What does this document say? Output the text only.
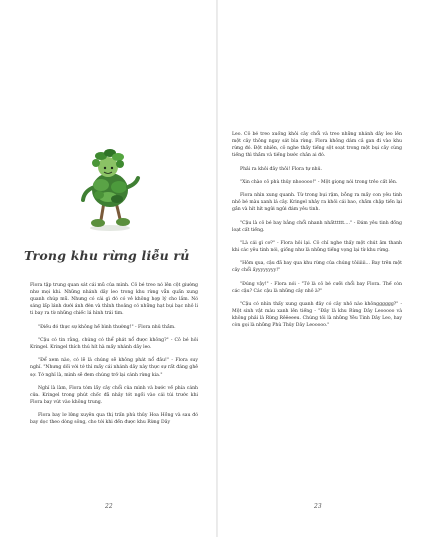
Trong khu rừng liễu rủ

Flora tập trung quan sát cái mũ của mình. Cô bé treo nó lên cột giường như mọi khi. Những nhánh dây leo trong khu rừng vẫn quấn xung quanh chúp mũ. Nhưng có cái gì đó có vẻ không hợp lý cho lắm. Nó sáng lấp lánh dưới ánh đèn và thỉnh thoảng có những hạt bụi bạc nhỏ li ti bay ra từ những chiếc lá hình trái tim.

"Điều đó thực sự không hề bình thường!" - Flora nhủ thầm.

"Cậu có tin rằng, chúng có thể phát nổ được không?" - Cô bé hỏi Kringel. Kringel thích thú hít hà mấy nhánh dây leo.

"Để xem nào, có lẽ là chúng sẽ không phát nổ đâu!" - Flora suy nghĩ. "Nhưng dối với tớ thì mấy cái nhánh dây này thực sự rất đáng ghê sợ. Tớ nghĩ là, mình sẽ đem chúng trở lại cánh rừng kia."

Nghĩ là làm, Flora tóm lấy cây chổi của mình và bước về phía cánh cửa. Kringel trong phút chốc đã nhảy tót ngồi vào cái túi trước khi Flora bay vút vào không trung.

Flora bay lơ lửng xuyên qua thị trấn phù thủy Hoa Hồng và sau đó bay dọc theo dòng sông, cho tới khi đến được khu Rừng Dây

22

Leo. Cô bé treo xuống khỏi cây chổi và treo những nhánh dây leo lên một cây thông ngay sát bìa rừng. Flora không dám cả gan đi vào khu rừng đó. Đột nhiên, cô nghe thấy tiếng sột soạt trong một bụi cây cùng tiếng thì thầm và tiếng bước chân ai đó.

Phải ra khỏi đây thôi! Flora tự nhủ.

"Xin chào cô phù thủy nhooooo!" - Một giọng nói trong trẻo cất lên.

Flora nhìn xung quanh. Từ trong bụi rậm, bỗng ra mấy con yêu tinh nhỏ bé màu xanh lá cây. Kringel nhảy ra khỏi cái bao, chầm chập tiến lại gần và hít hít ngửi ngửi đám yêu tinh.

"Cậu là cô bé bay bằng chổi nhanh nhấtttttt...." - Đám yêu tinh đồng loạt cất tiếng.

"Là cái gì cơ?" - Flora hỏi lại. Cô chỉ nghe thấy một chút âm thanh khi các yêu tinh nói, giống như là những tiếng vọng lại từ khu rừng.

"Hôm qua, cậu đã bay qua khu rừng của chúng tôiiiiii... Bay trên một cây chổi ấyyyyyyyy!"

"Đúng vậy!" - Flora nói - "Tớ là cô bé cưỡi chổi bay Flora. Thế còn các cậu? Các cậu là những cây nhỏ à?"

"Cậu có nhìn thấy xung quanh đây có cây nhỏ nào khôngggggg?" - Một sinh vật màu xanh lên tiếng - "Đây là khu Rừng Dây Leooooo và không phải là Rừng Rêêeeeu. Chúng tôi là những Yêu Tinh Dây Leo, hay còn gọi là những Phù Thủy Dây Leooooo."

23
